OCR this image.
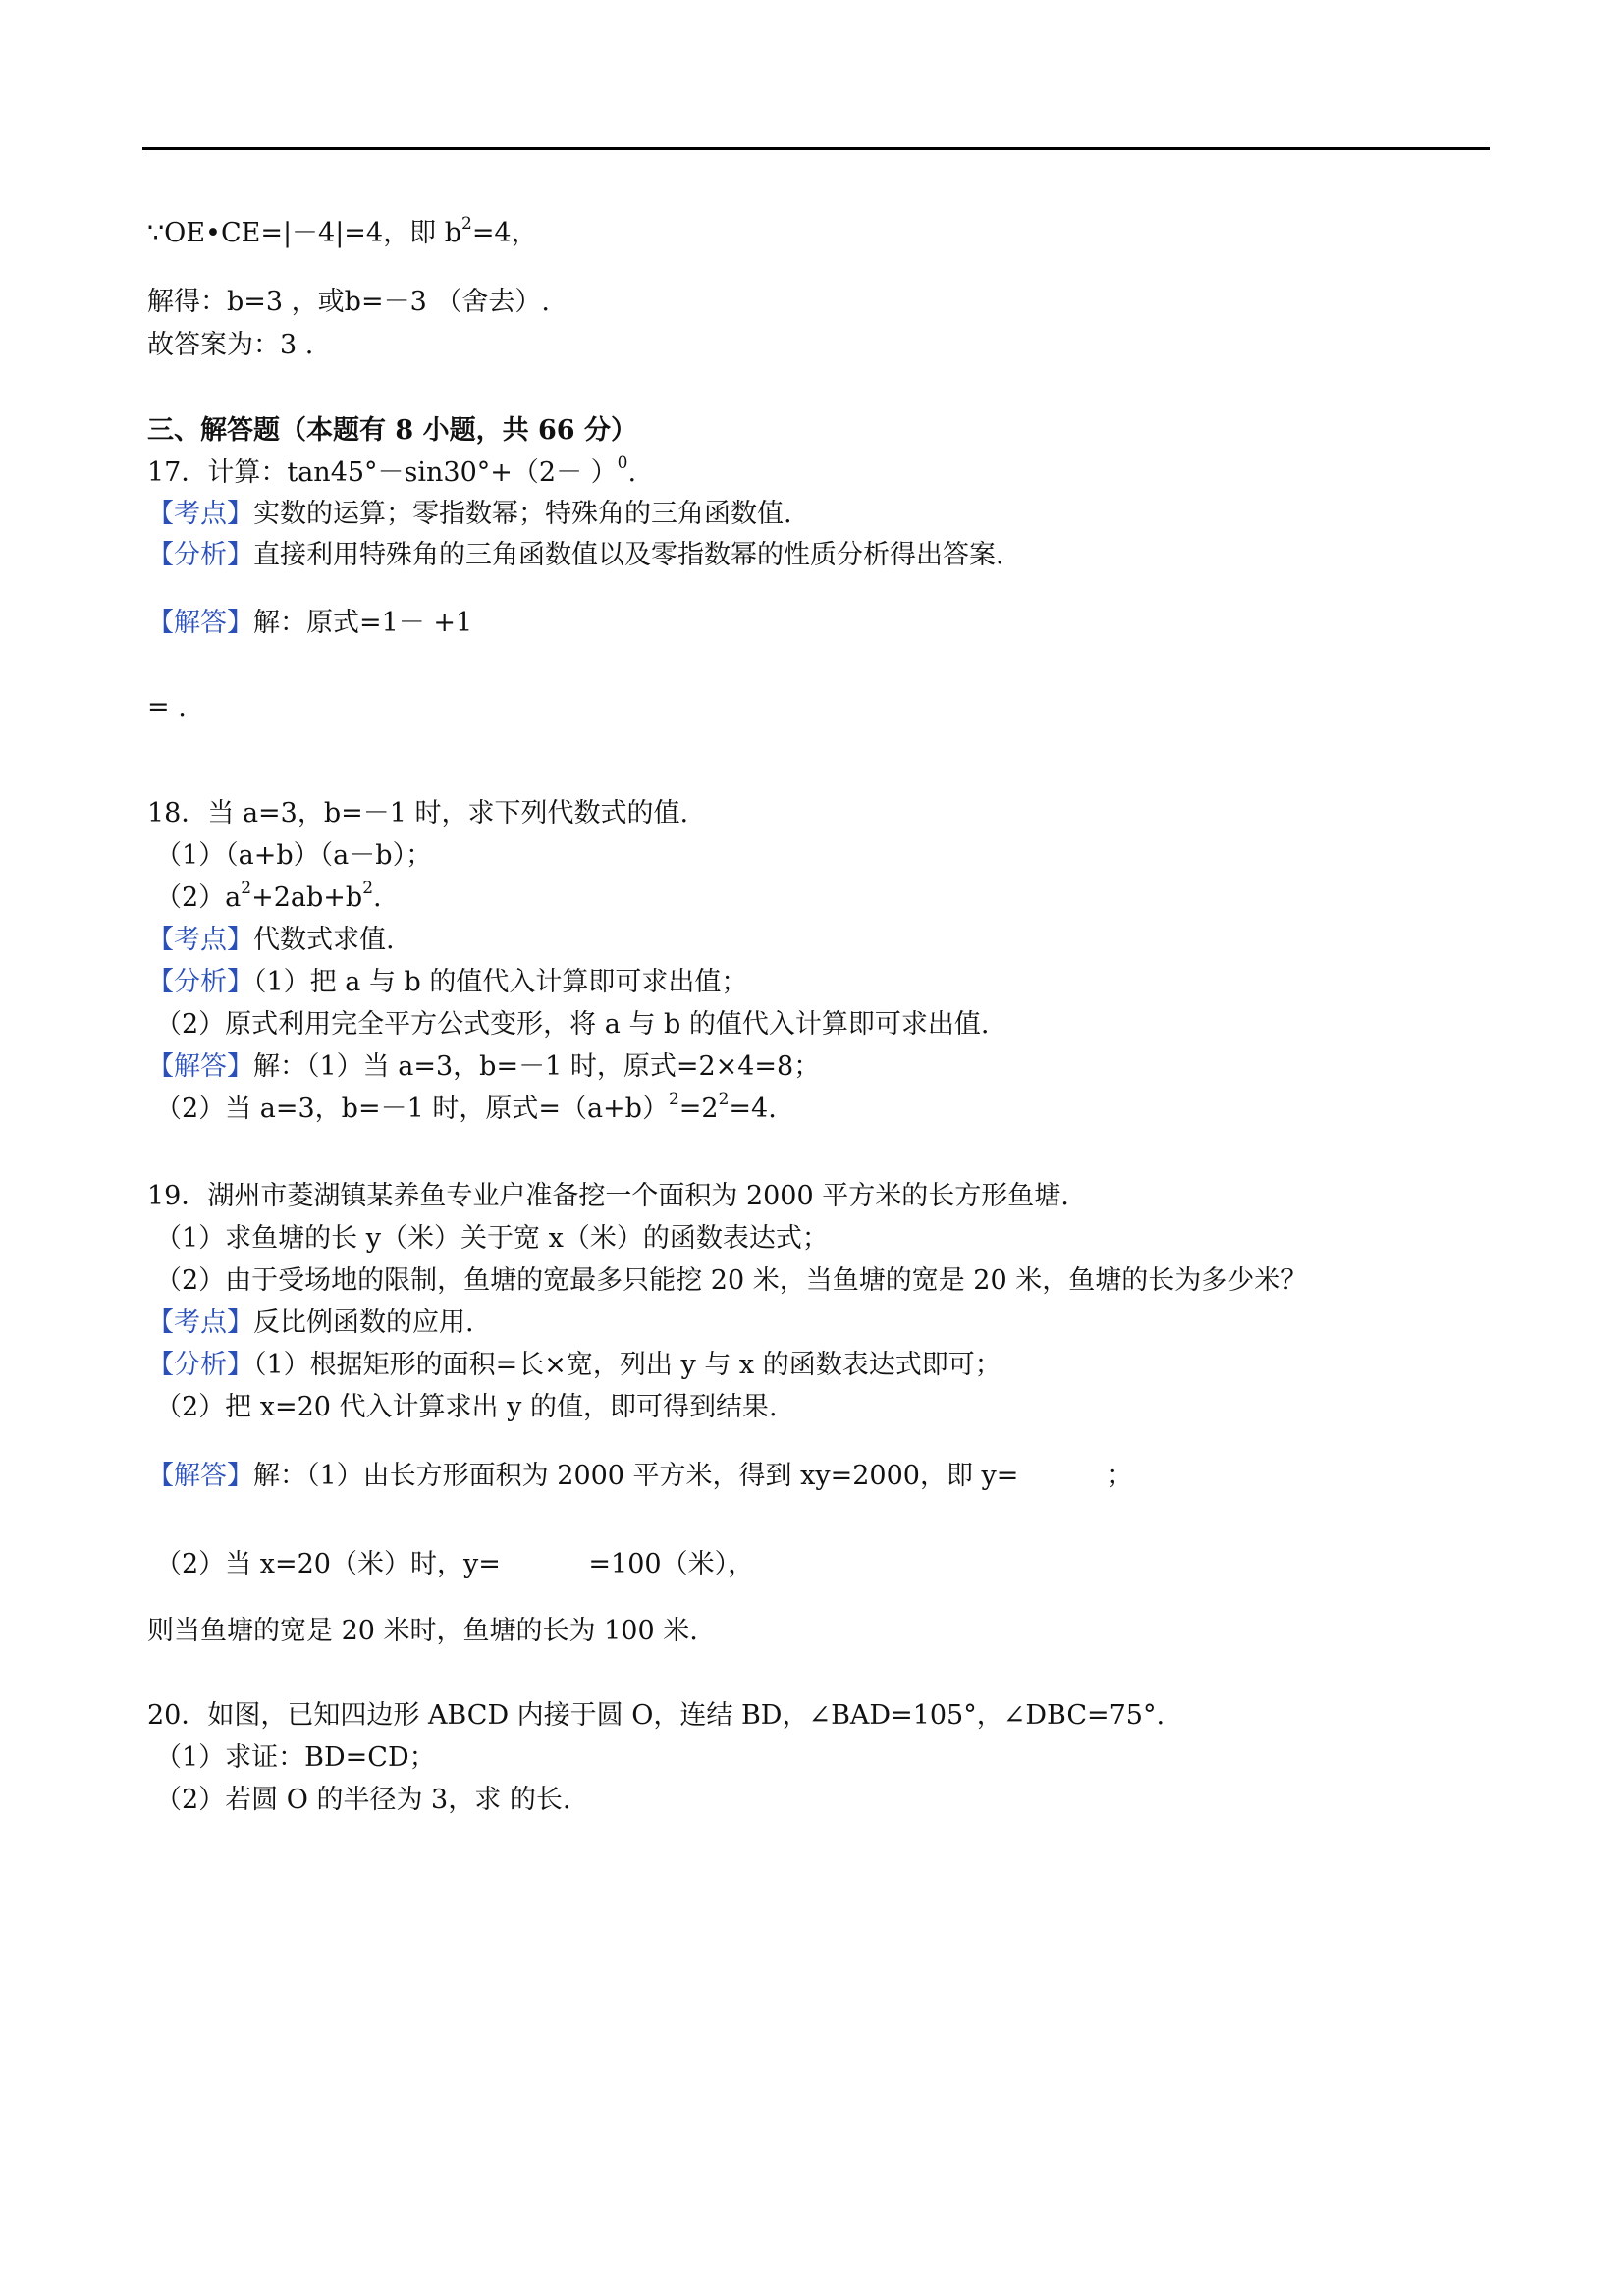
∵OE•CE=|－4|=4，即 $b^2=4$，
解得：b=3 ，或b=－3 （舍去）.
故答案为：3 .
三、解答题（本题有 8 小题，共 66 分）
17．计算：$\tan 45^\circ-\sin 30^\circ+(2- )^0$.
【考点】实数的运算；零指数幂；特殊角的三角函数值.
【分析】直接利用特殊角的三角函数值以及零指数幂的性质分析得出答案.
【解答】解：原式=1－ +1
= .
18．当 a=3，b=－1 时，求下列代数式的值.
（1）（a+b）（a－b）；
$(2)a^2+2ab+b^2$.
【考点】代数式求值.
【分析】（1）把 a 与 b 的值代入计算即可求出值；
（2）原式利用完全平方公式变形，将 a 与 b 的值代入计算即可求出值.
【解答】解：（1）当 a=3，b=－1 时，原式=2×4=8；
（2）当 a=3，b=－1 时，原式$=(a+b)^2=2^2=4$.
19．湖州市菱湖镇某养鱼专业户准备挖一个面积为 2000 平方米的长方形鱼塘.
（1）求鱼塘的长 y（米）关于宽 x（米）的函数表达式；
（2）由于受场地的限制，鱼塘的宽最多只能挖 20 米，当鱼塘的宽是 20 米，鱼塘的长为多少米？
【考点】反比例函数的应用.
【分析】（1）根据矩形的面积=长×宽，列出 y 与 x 的函数表达式即可；
（2）把 x=20 代入计算求出 y 的值，即可得到结果.
【解答】解：（1）由长方形面积为 2000 平方米，得到 xy=2000，即 y=　　　 ；
（2）当 x=20（米）时，y=　　　 =100（米），
则当鱼塘的宽是 20 米时，鱼塘的长为 100 米.
20．如图，已知四边形 ABCD 内接于圆 O，连结 BD，∠BAD=105°，∠DBC=75°.
（1）求证：BD=CD；
（2）若圆 O 的半径为 3，求 的长.
